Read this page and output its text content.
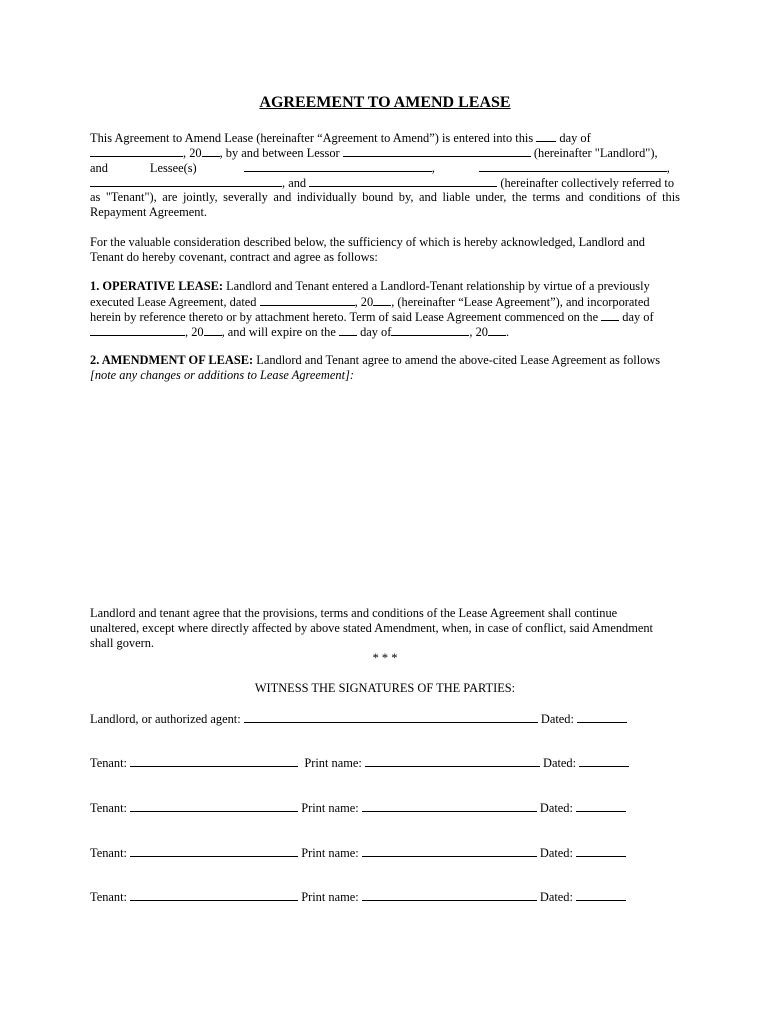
AGREEMENT TO AMEND LEASE
This Agreement to Amend Lease (hereinafter “Agreement to Amend”) is entered into this day of
, 20 , by and between Lessor	(hereinafter "Landlord"),
and	Lessee(s)	,	,
, and	(hereinafter collectively referred to
as "Tenant"), are jointly, severally and individually bound by, and liable under, the terms and conditions of this
Repayment Agreement.
For the valuable consideration described below, the sufficiency of which is hereby acknowledged, Landlord and
Tenant do hereby covenant, contract and agree as follows:
1. OPERATIVE LEASE: Landlord and Tenant entered a Landlord-Tenant relationship by virtue of a previously
executed Lease Agreement, dated	, 20 , (hereinafter “Lease Agreement”), and incorporated
herein by reference thereto or by attachment hereto. Term of said Lease Agreement commenced on the day of
, 20 , and will expire on the day of	, 20 .
2. AMENDMENT OF LEASE: Landlord and Tenant agree to amend the above-cited Lease Agreement as follows
[note any changes or additions to Lease Agreement]:
Landlord and tenant agree that the provisions, terms and conditions of the Lease Agreement shall continue
unaltered, except where directly affected by above stated Amendment, when, in case of conflict, said Amendment
shall govern.
* * *
WITNESS THE SIGNATURES OF THE PARTIES:
Landlord, or authorized agent:	Dated:
Tenant:	Print name:	Dated:
Tenant:	Print name:	Dated:
Tenant:	Print name:	Dated:
Tenant:	Print name:	Dated:
